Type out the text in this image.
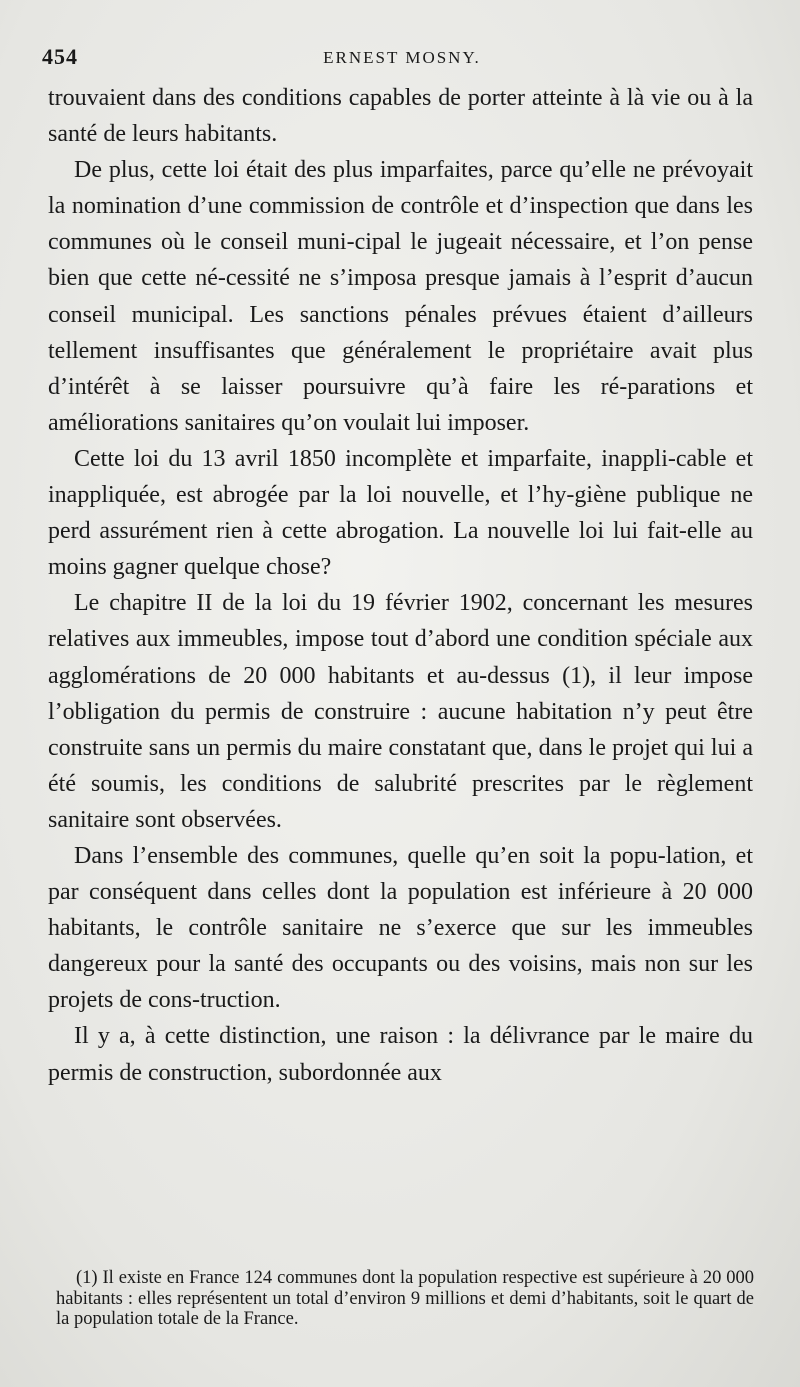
454	ERNEST MOSNY.

trouvaient dans des conditions capables de porter atteinte à là vie ou à la santé de leurs habitants.

De plus, cette loi était des plus imparfaites, parce qu’elle ne prévoyait la nomination d’une commission de contrôle et d’inspection que dans les communes où le conseil muni-cipal le jugeait nécessaire, et l’on pense bien que cette né-cessité ne s’imposa presque jamais à l’esprit d’aucun conseil municipal. Les sanctions pénales prévues étaient d’ailleurs tellement insuffisantes que généralement le propriétaire avait plus d’intérêt à se laisser poursuivre qu’à faire les ré-parations et améliorations sanitaires qu’on voulait lui imposer.

Cette loi du 13 avril 1850 incomplète et imparfaite, inappli-cable et inappliquée, est abrogée par la loi nouvelle, et l’hy-giène publique ne perd assurément rien à cette abrogation. La nouvelle loi lui fait-elle au moins gagner quelque chose?

Le chapitre II de la loi du 19 février 1902, concernant les mesures relatives aux immeubles, impose tout d’abord une condition spéciale aux agglomérations de 20 000 habitants et au-dessus (1), il leur impose l’obligation du permis de construire : aucune habitation n’y peut être construite sans un permis du maire constatant que, dans le projet qui lui a été soumis, les conditions de salubrité prescrites par le règlement sanitaire sont observées.

Dans l’ensemble des communes, quelle qu’en soit la popu-lation, et par conséquent dans celles dont la population est inférieure à 20 000 habitants, le contrôle sanitaire ne s’exerce que sur les immeubles dangereux pour la santé des occupants ou des voisins, mais non sur les projets de cons-truction.

Il y a, à cette distinction, une raison : la délivrance par le maire du permis de construction, subordonnée aux

(1) Il existe en France 124 communes dont la population respective est supérieure à 20 000 habitants : elles représentent un total d’environ 9 millions et demi d’habitants, soit le quart de la population totale de la France.
